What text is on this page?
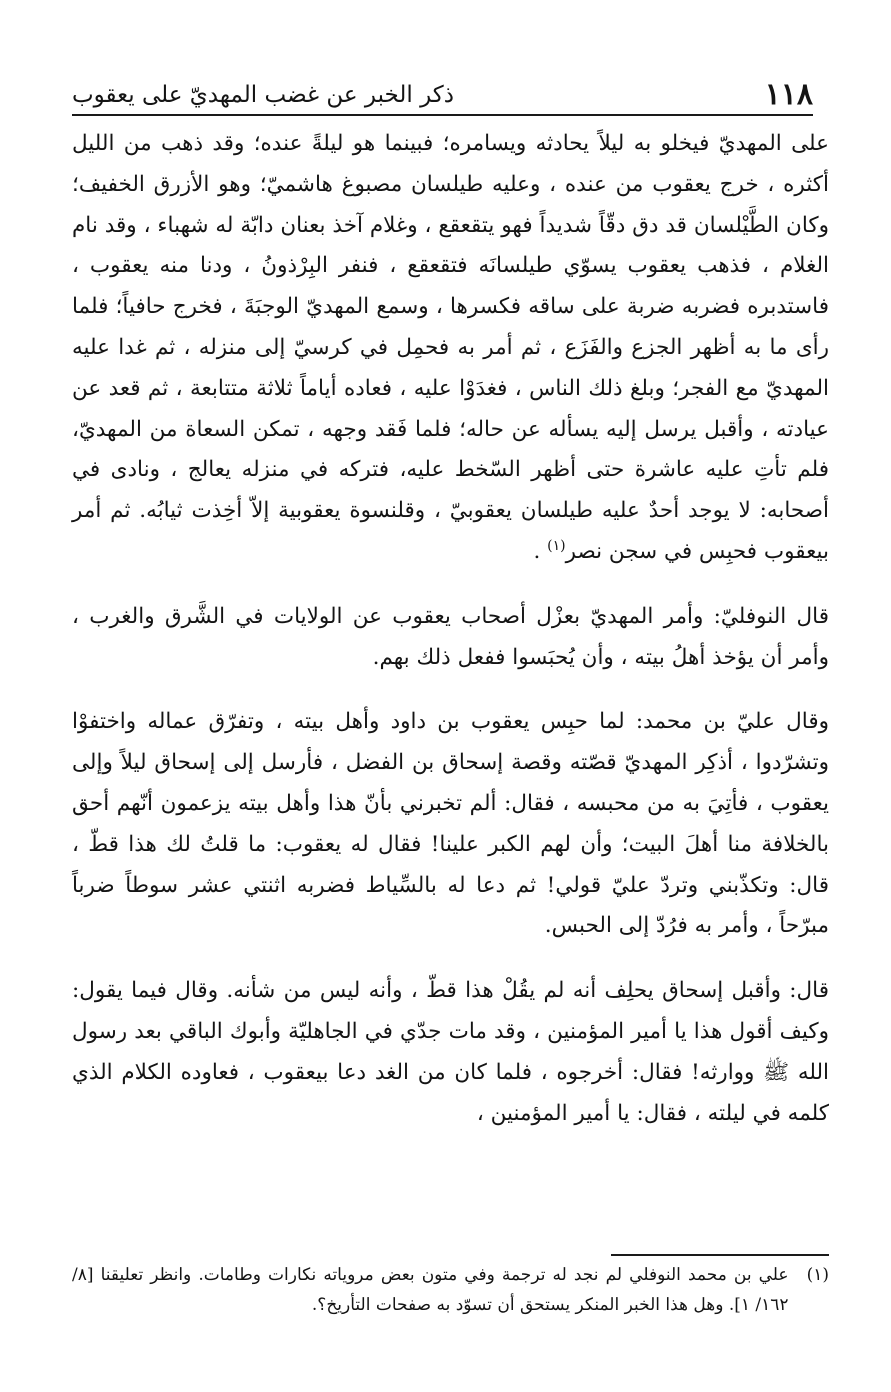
١١٨
ذكر الخبر عن غضب المهديّ على يعقوب

على المهديّ فيخلو به ليلاً يحادثه ويسامره؛ فبينما هو ليلةً عنده؛ وقد ذهب من الليل أكثره ، خرج يعقوب من عنده ، وعليه طيلسان مصبوغ هاشميّ؛ وهو الأزرق الخفيف؛ وكان الطَّيْلسان قد دق دقّاً شديداً فهو يتقعقع ، وغلام آخذ بعنان دابّة له شهباء ، وقد نام الغلام ، فذهب يعقوب يسوّي طيلسانَه فتقعقع ، فنفر البِرْذونُ ، ودنا منه يعقوب ، فاستدبره فضربه ضربة على ساقه فكسرها ، وسمع المهديّ الوجبَةَ ، فخرج حافياً؛ فلما رأى ما به أظهر الجزع والفَزَع ، ثم أمر به فحمِل في كرسيّ إلى منزله ، ثم غدا عليه المهديّ مع الفجر؛ وبلغ ذلك الناس ، فغدَوْا عليه ، فعاده أياماً ثلاثة متتابعة ، ثم قعد عن عيادته ، وأقبل يرسل إليه يسأله عن حاله؛ فلما فَقد وجهه ، تمكن السعاة من المهديّ، فلم تأتِ عليه عاشرة حتى أظهر السّخط عليه، فتركه في منزله يعالج ، ونادى في أصحابه: لا يوجد أحدٌ عليه طيلسان يعقوبيّ ، وقلنسوة يعقوبية إلاّ أخِذت ثيابُه. ثم أمر بيعقوب فحبِس في سجن نصر$^{(١)}$ .

قال النوفليّ: وأمر المهديّ بعزْل أصحاب يعقوب عن الولايات في الشَّرق والغرب ، وأمر أن يؤخذ أهلُ بيته ، وأن يُحبَسوا ففعل ذلك بهم.

وقال عليّ بن محمد: لما حبِس يعقوب بن داود وأهل بيته ، وتفرّق عماله واختفوْا وتشرّدوا ، أذكِر المهديّ قصّته وقصة إسحاق بن الفضل ، فأرسل إلى إسحاق ليلاً وإلى يعقوب ، فأتِيَ به من محبسه ، فقال: ألم تخبرني بأنّ هذا وأهل بيته يزعمون أنّهم أحق بالخلافة منا أهلَ البيت؛ وأن لهم الكبر علينا! فقال له يعقوب: ما قلتُ لك هذا قطّ ، قال: وتكذّبني وتردّ عليّ قولي! ثم دعا له بالسِّياط فضربه اثنتي عشر سوطاً ضرباً مبرّحاً ، وأمر به فرُدّ إلى الحبس.

قال: وأقبل إسحاق يحلِف أنه لم يقُلْ هذا قطّ ، وأنه ليس من شأنه. وقال فيما يقول: وكيف أقول هذا يا أمير المؤمنين ، وقد مات جدّي في الجاهليّة وأبوك الباقي بعد رسول الله ﷺ ووارثه! فقال: أخرجوه ، فلما كان من الغد دعا بيعقوب ، فعاوده الكلام الذي كلمه في ليلته ، فقال: يا أمير المؤمنين ،

(١)
علي بن محمد النوفلي لم نجد له ترجمة وفي متون بعض مروياته نكارات وطامات. وانظر تعليقنا [٨/ ١٦٢/ ١]. وهل هذا الخبر المنكر يستحق أن تسوّد به صفحات التأريخ؟.
